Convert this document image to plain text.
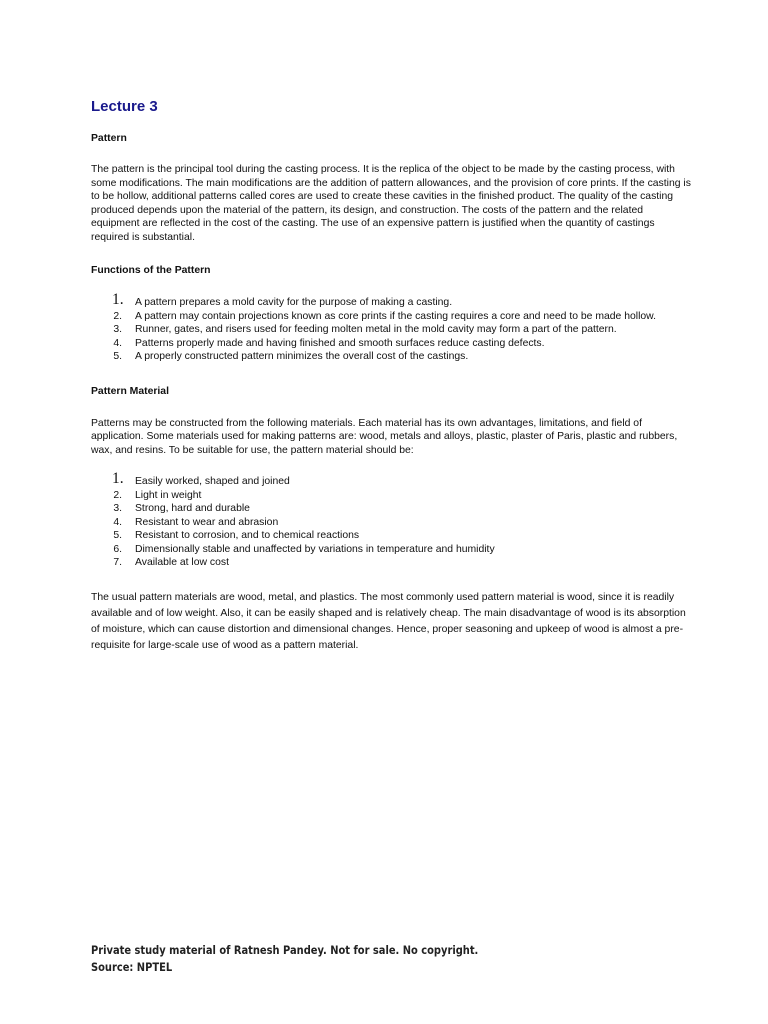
Lecture 3
Pattern

The pattern is the principal tool during the casting process. It is the replica of the object to be made by the casting process, with some modifications. The main modifications are the addition of pattern allowances, and the provision of core prints. If the casting is to be hollow, additional patterns called cores are used to create these cavities in the finished product. The quality of the casting produced depends upon the material of the pattern, its design, and construction. The costs of the pattern and the related equipment are reflected in the cost of the casting. The use of an expensive pattern is justified when the quantity of castings required is substantial.

Functions of the Pattern
1. A pattern prepares a mold cavity for the purpose of making a casting.
2. A pattern may contain projections known as core prints if the casting requires a core and need to be made hollow.
3. Runner, gates, and risers used for feeding molten metal in the mold cavity may form a part of the pattern.
4. Patterns properly made and having finished and smooth surfaces reduce casting defects.
5. A properly constructed pattern minimizes the overall cost of the castings.
Pattern Material

Patterns may be constructed from the following materials. Each material has its own advantages, limitations, and field of application. Some materials used for making patterns are: wood, metals and alloys, plastic, plaster of Paris, plastic and rubbers, wax, and resins. To be suitable for use, the pattern material should be:

1. Easily worked, shaped and joined
2. Light in weight
3. Strong, hard and durable
4. Resistant to wear and abrasion
5. Resistant to corrosion, and to chemical reactions
6. Dimensionally stable and unaffected by variations in temperature and humidity
7. Available at low cost

The usual pattern materials are wood, metal, and plastics. The most commonly used pattern material is wood, since it is readily available and of low weight. Also, it can be easily shaped and is relatively cheap. The main disadvantage of wood is its absorption of moisture, which can cause distortion and dimensional changes. Hence, proper seasoning and upkeep of wood is almost a pre-requisite for large-scale use of wood as a pattern material.

Private study material of Ratnesh Pandey. Not for sale. No copyright.
Source: NPTEL
